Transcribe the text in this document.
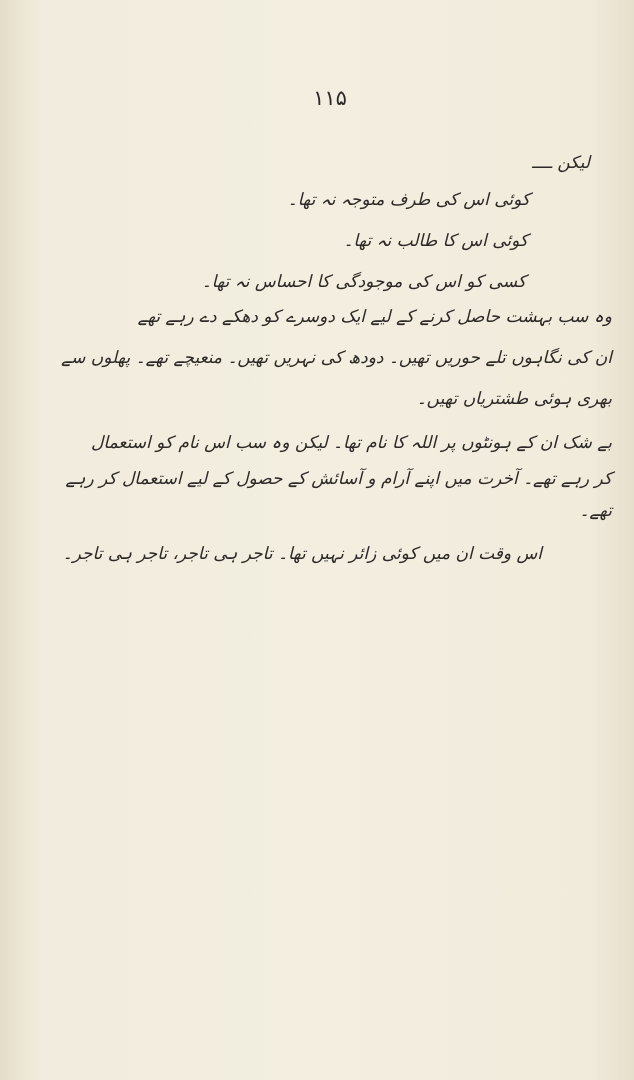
۱۱۵
لیکن ــــ
کوئی اس کی طرف متوجہ نہ تھا۔
کوئی اس کا طالب نہ تھا۔
کسی کو اس کی موجودگی کا احساس نہ تھا۔
وہ سب بہشت حاصل کرنے کے لیے ایک دوسرے کو دھکے دے رہے تھے
ان کی نگاہوں تلے حوریں تھیں۔ دودھ کی نہریں تھیں۔ منعیچے تھے۔ پھلوں سے
بھری ہوئی طشتریاں تھیں۔
بے شک ان کے ہونٹوں پر اللہ کا نام تھا۔ لیکن وہ سب اس نام کو استعمال
کر رہے تھے۔ آخرت میں اپنے آرام و آسائش کے حصول کے لیے استعمال کر رہے
تھے۔
اس وقت ان میں کوئی زائر نہیں تھا۔ تاجر ہی تاجر، تاجر ہی تاجر۔
